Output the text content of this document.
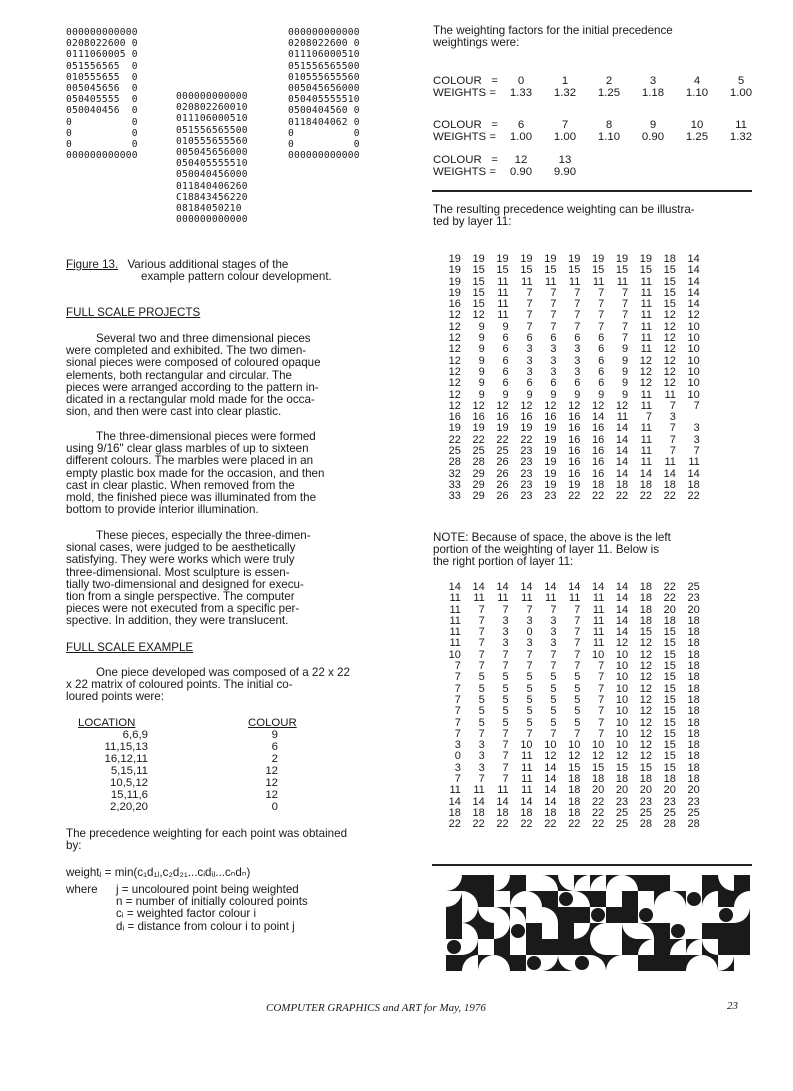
000000000000
0208022600 0
0111060005 0
051556565  0
010555655  0
005045656  0
050405555  0
050040456  0
0          0
0          0
0          0
000000000000
000000000000
020802260010
011106000510
051556565500
010555655560
005045656000
050405555510
050040456000
011840406260
C18843456220
08184050210
000000000000
000000000000
0208022600 0
011106000510
051556565500
010555655560
005045656000
050405555510
0500404560 0
0118404062 0
0          0
0          0
000000000000
Figure 13. Various additional stages of the
example pattern colour development.
FULL SCALE PROJECTS
Several two and three dimensional pieces
were completed and exhibited. The two dimen-
sional pieces were composed of coloured opaque
elements, both rectangular and circular. The
pieces were arranged according to the pattern in-
dicated in a rectangular mold made for the occa-
sion, and then were cast into clear plastic.
The three-dimensional pieces were formed
using 9/16" clear glass marbles of up to sixteen
different colours. The marbles were placed in an
empty plastic box made for the occasion, and then
cast in clear plastic. When removed from the
mold, the finished piece was illuminated from the
bottom to provide interior illumination.
These pieces, especially the three-dimen-
sional cases, were judged to be aesthetically
satisfying. They were works which were truly
three-dimensional. Most sculpture is essen-
tially two-dimensional and designed for execu-
tion from a single perspective. The computer
pieces were not executed from a specific per-
spective. In addition, they were translucent.
FULL SCALE EXAMPLE
One piece developed was composed of a 22 x 22
x 22 matrix of coloured points. The initial co-
loured points were:
LOCATION	COLOUR
6,6,9	9
11,15,13	6
16,12,11	2
5,15,11	12
10,5,12	12
15,11,6	12
2,20,20	0
The precedence weighting for each point was obtained
by:
weightⱼ = min(c₁d₁ⱼ,c₂d₂₁...cᵢdᵢⱼ...cₙdₙ)
where j = uncoloured point being weighted
n = number of initially coloured points
cᵢ = weighted factor colour i
dᵢ = distance from colour i to point j
The weighting factors for the initial precedence
weightings were:
COLOUR   =	0	1	2	3	4	5
WEIGHTS =	1.33	1.32	1.25	1.18	1.10	1.00
COLOUR   =	6	7	8	9	10	11
WEIGHTS =	1.00	1.00	1.10	0.90	1.25	1.32
COLOUR   =	12	13
WEIGHTS =	0.90	9.90
The resulting precedence weighting can be illustra-
ted by layer 11:
19	19	19	19	19	19	19	19	19	18	14
19	15	15	15	15	15	15	15	15	15	14
19	15	11	11	11	11	11	11	11	15	14
19	15	11	7	7	7	7	7	11	15	14
16	15	11	7	7	7	7	7	11	15	14
12	12	11	7	7	7	7	7	11	12	12
12	9	9	7	7	7	7	7	11	12	10
12	9	6	6	6	6	6	7	11	12	10
12	9	6	3	3	3	6	9	11	12	10
12	9	6	3	3	3	6	9	12	12	10
12	9	6	3	3	3	6	9	12	12	10
12	9	6	6	6	6	6	9	12	12	10
12	9	9	9	9	9	9	9	11	11	10
12	12	12	12	12	12	12	12	11	7	7
16	16	16	16	16	16	14	11	7	3
19	19	19	19	19	16	16	14	11	7	3
22	22	22	22	19	16	16	14	11	7	3
25	25	25	23	19	16	16	14	11	7	7
28	28	26	23	19	16	16	14	11	11	11
32	29	26	23	19	16	16	14	14	14	14
33	29	26	23	19	19	18	18	18	18	18
33	29	26	23	23	22	22	22	22	22	22
NOTE: Because of space, the above is the left
portion of the weighting of layer 11. Below is
the right portion of layer 11:
14	14	14	14	14	14	14	14	18	22	25
11	11	11	11	11	11	11	14	18	22	23
11	7	7	7	7	7	11	14	18	20	20
11	7	3	3	3	7	11	14	18	18	18
11	7	3	0	3	7	11	14	15	15	18
11	7	3	3	3	7	11	12	12	15	18
10	7	7	7	7	7	10	10	12	15	18
7	7	7	7	7	7	7	10	12	15	18
7	5	5	5	5	5	7	10	12	15	18
7	5	5	5	5	5	7	10	12	15	18
7	5	5	5	5	5	7	10	12	15	18
7	5	5	5	5	5	7	10	12	15	18
7	5	5	5	5	5	7	10	12	15	18
7	7	7	7	7	7	7	10	12	15	18
3	3	7	10	10	10	10	10	12	15	18
0	3	7	11	12	12	12	12	12	15	18
3	3	7	11	14	15	15	15	15	15	18
7	7	7	11	14	18	18	18	18	18	18
11	11	11	11	14	18	20	20	20	20	20
14	14	14	14	14	18	22	23	23	23	23
18	18	18	18	18	18	22	25	25	25	25
22	22	22	22	22	22	22	25	28	28	28
COMPUTER GRAPHICS and ART for May, 1976	23
